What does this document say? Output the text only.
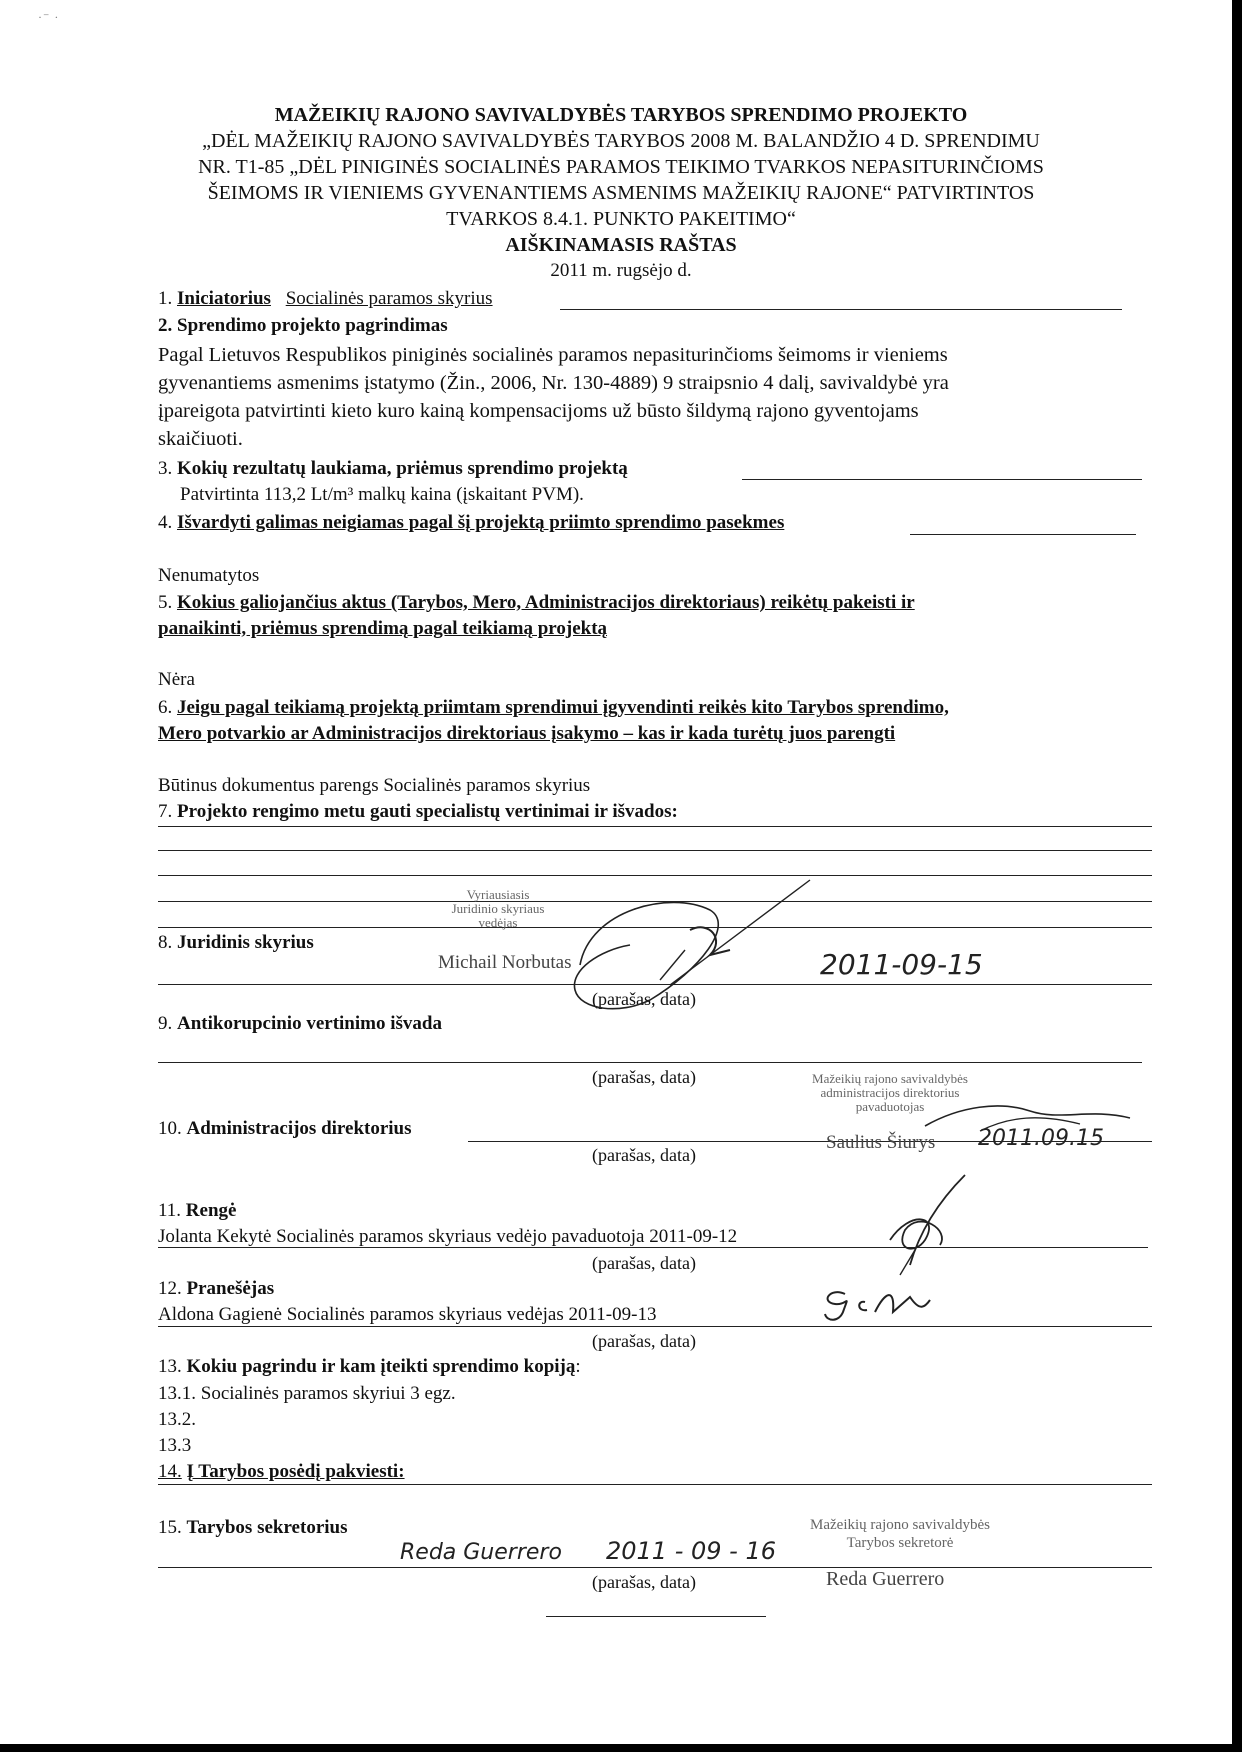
·⁻ ·
MAŽEIKIŲ RAJONO SAVIVALDYBĖS TARYBOS SPRENDIMO PROJEKTO
„DĖL MAŽEIKIŲ RAJONO SAVIVALDYBĖS TARYBOS 2008 M. BALANDŽIO 4 D. SPRENDIMU
NR. T1-85 „DĖL PINIGINĖS SOCIALINĖS PARAMOS TEIKIMO TVARKOS NEPASITURINČIOMS
ŠEIMOMS IR VIENIEMS GYVENANTIEMS ASMENIMS MAŽEIKIŲ RAJONE“ PATVIRTINTOS
TVARKOS 8.4.1. PUNKTO PAKEITIMO“
AIŠKINAMASIS RAŠTAS
2011 m. rugsėjo d.
1. Iniciatorius Socialinės paramos skyrius
2. Sprendimo projekto pagrindimas
Pagal Lietuvos Respublikos piniginės socialinės paramos nepasiturinčioms šeimoms ir vieniems
gyvenantiems asmenims įstatymo (Žin., 2006, Nr. 130-4889) 9 straipsnio 4 dalį, savivaldybė yra
įpareigota patvirtinti kieto kuro kainą kompensacijoms už būsto šildymą rajono gyventojams
skaičiuoti.
3. Kokių rezultatų laukiama, priėmus sprendimo projektą
Patvirtinta 113,2 Lt/m³ malkų kaina (įskaitant PVM).
4. Išvardyti galimas neigiamas pagal šį projektą priimto sprendimo pasekmes
Nenumatytos
5. Kokius galiojančius aktus (Tarybos, Mero, Administracijos direktoriaus) reikėtų pakeisti ir
panaikinti, priėmus sprendimą pagal teikiamą projektą
Nėra
6. Jeigu pagal teikiamą projektą priimtam sprendimui įgyvendinti reikės kito Tarybos sprendimo,
Mero potvarkio ar Administracijos direktoriaus įsakymo – kas ir kada turėtų juos parengti
Būtinus dokumentus parengs Socialinės paramos skyrius
7. Projekto rengimo metu gauti specialistų vertinimai ir išvados:
Vyriausiasis
Juridinio skyriaus
vedėjas
8. Juridinis skyrius
Michail Norbutas	2011-09-15
(parašas, data)
9. Antikorupcinio vertinimo išvada
(parašas, data)	Mažeikių rajono savivaldybės
administracijos direktorius
pavaduotojas
10. Administracijos direktorius
Saulius Šiurys 2011.09.15
(parašas, data)
11. Rengė
Jolanta Kekytė Socialinės paramos skyriaus vedėjo pavaduotoja 2011-09-12
(parašas, data)
12. Pranešėjas
Aldona Gagienė Socialinės paramos skyriaus vedėjas 2011-09-13
(parašas, data)
13. Kokiu pagrindu ir kam įteikti sprendimo kopiją:
13.1. Socialinės paramos skyriui 3 egz.
13.2.
13.3
14. Į Tarybos posėdį pakviesti:
Mažeikių rajono savivaldybės
Tarybos sekretorė
15. Tarybos sekretorius
Reda Guerrero 2011 - 09 - 16
Reda Guerrero
(parašas, data)
